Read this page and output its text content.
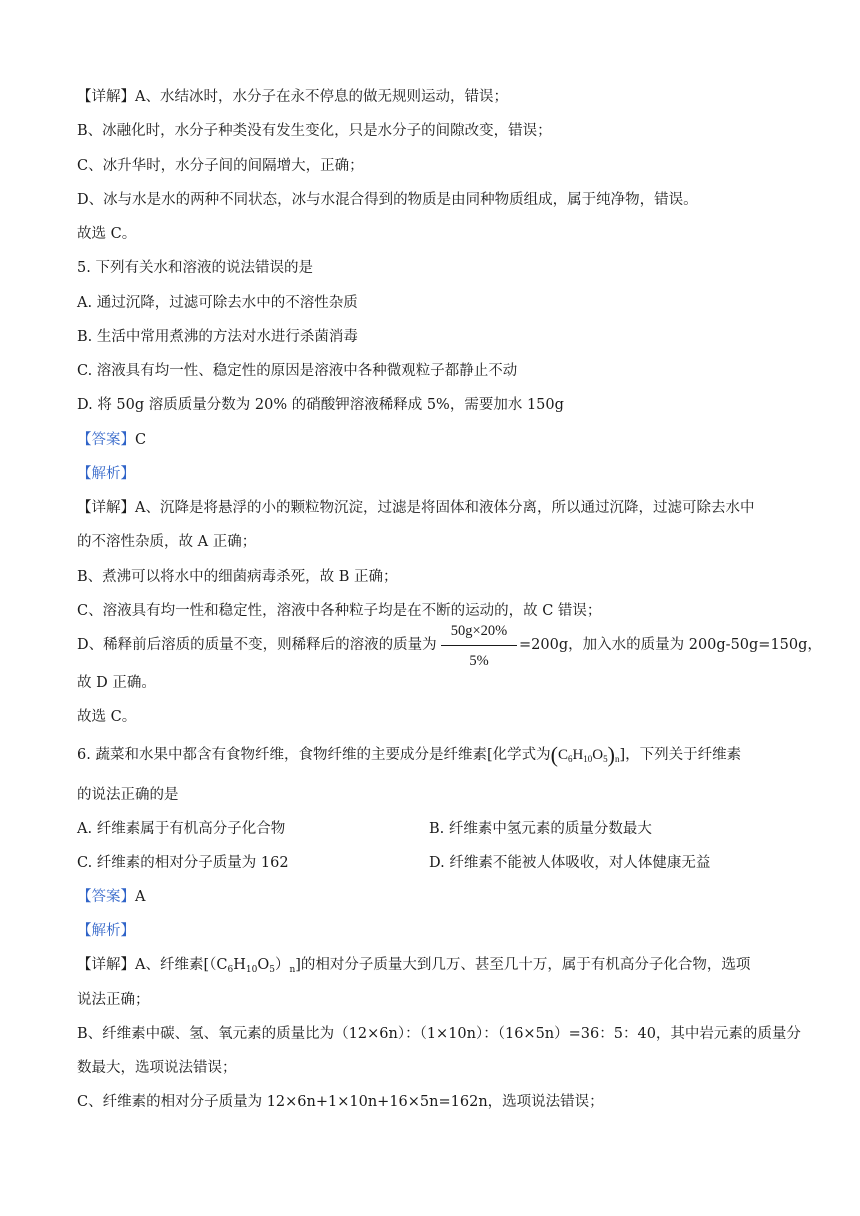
【详解】A、水结冰时，水分子在永不停息的做无规则运动，错误；
B、冰融化时，水分子种类没有发生变化，只是水分子的间隙改变，错误；
C、冰升华时，水分子间的间隔增大，正确；
D、冰与水是水的两种不同状态，冰与水混合得到的物质是由同种物质组成，属于纯净物，错误。
故选 C。
5. 下列有关水和溶液的说法错误的是
A. 通过沉降，过滤可除去水中的不溶性杂质
B. 生活中常用煮沸的方法对水进行杀菌消毒
C. 溶液具有均一性、稳定性的原因是溶液中各种微观粒子都静止不动
D. 将 50g 溶质质量分数为 20% 的硝酸钾溶液稀释成 5%，需要加水 150g
【答案】C
【解析】
【详解】A、沉降是将悬浮的小的颗粒物沉淀，过滤是将固体和液体分离，所以通过沉降，过滤可除去水中
的不溶性杂质，故 A 正确；
B、煮沸可以将水中的细菌病毒杀死，故 B 正确；
C、溶液具有均一性和稳定性，溶液中各种粒子均是在不断的运动的，故 C 错误；
D、稀释前后溶质的质量不变，则稀释后的溶液的质量为
50g×20%
5%
=200g，加入水的质量为 200g-50g=150g，
故 D 正确。
故选 C。
6. 蔬菜和水果中都含有食物纤维，食物纤维的主要成分是纤维素[化学式为$(C_6H_{10}O_5)_n$]，下列关于纤维素
的说法正确的是
A. 纤维素属于有机高分子化合物	B. 纤维素中氢元素的质量分数最大
C. 纤维素的相对分子质量为 162	D. 纤维素不能被人体吸收，对人体健康无益
【答案】A
【解析】
【详解】A、纤维素$[(C_6H_{10}O_5)_n]$的相对分子质量大到几万、甚至几十万，属于有机高分子化合物，选项
说法正确；
B、纤维素中碳、氢、氧元素的质量比为（12×6n）：（1×10n）：（16×5n）=36：5：40，其中岩元素的质量分
数最大，选项说法错误；
C、纤维素的相对分子质量为 12×6n+1×10n+16×5n=162n，选项说法错误；
